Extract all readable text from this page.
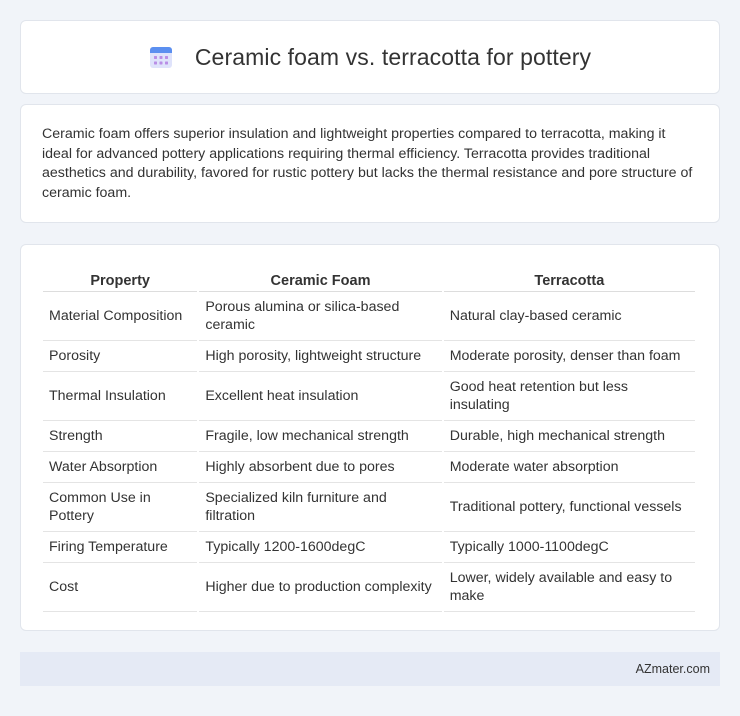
Ceramic foam vs. terracotta for pottery

Ceramic foam offers superior insulation and lightweight properties compared to terracotta, making it ideal for advanced pottery applications requiring thermal efficiency. Terracotta provides traditional aesthetics and durability, favored for rustic pottery but lacks the thermal resistance and pore structure of ceramic foam.

Property	Ceramic Foam	Terracotta
Material Composition	Porous alumina or silica-based ceramic	Natural clay-based ceramic
Porosity	High porosity, lightweight structure	Moderate porosity, denser than foam
Thermal Insulation	Excellent heat insulation	Good heat retention but less insulating
Strength	Fragile, low mechanical strength	Durable, high mechanical strength
Water Absorption	Highly absorbent due to pores	Moderate water absorption
Common Use in Pottery	Specialized kiln furniture and filtration	Traditional pottery, functional vessels
Firing Temperature	Typically 1200-1600degC	Typically 1000-1100degC
Cost	Higher due to production complexity	Lower, widely available and easy to make
AZmater.com
